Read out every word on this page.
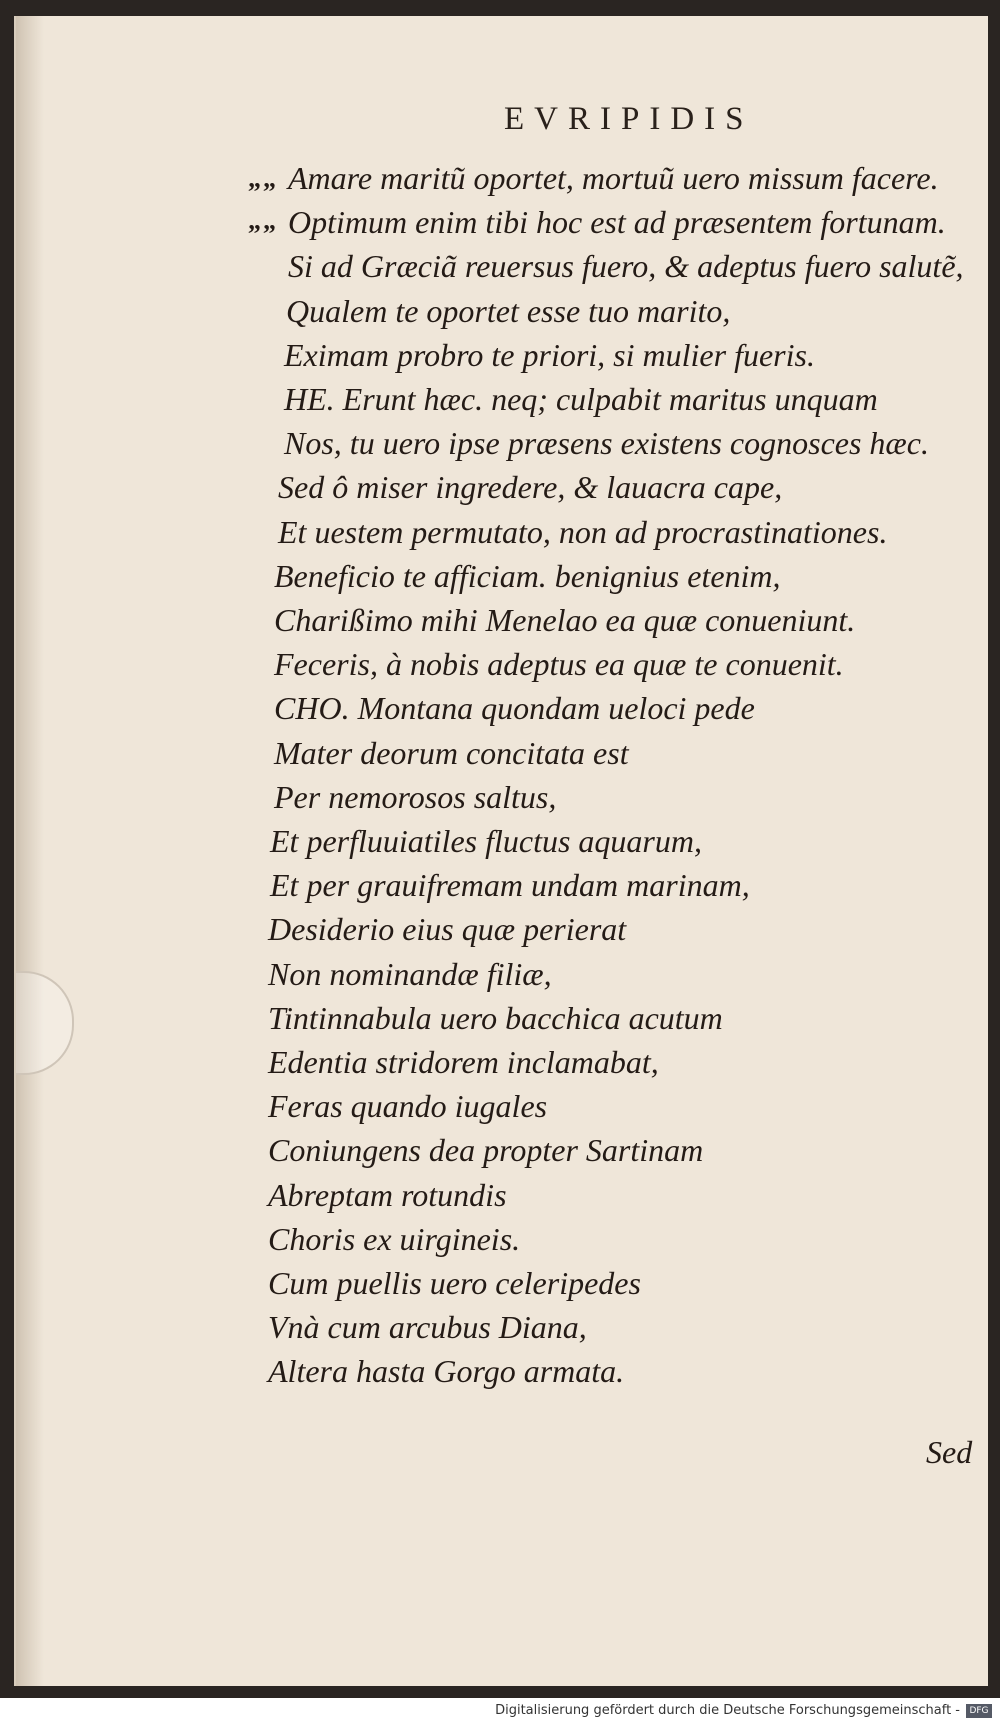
EVRIPIDIS
„„
„„
Amare maritũ oportet, mortuũ uero missum facere.
Optimum enim tibi hoc est ad præsentem fortunam.
Si ad Græciã reuersus fuero, & adeptus fuero salutẽ,
Qualem te oportet esse tuo marito,
Eximam probro te priori, si mulier fueris.
HE. Erunt hæc. neq; culpabit maritus unquam
Nos, tu uero ipse præsens existens cognosces hæc.
Sed ô miser ingredere, & lauacra cape,
Et uestem permutato, non ad procrastinationes.
Beneficio te afficiam. benignius etenim,
Charißimo mihi Menelao ea quæ conueniunt.
Feceris, à nobis adeptus ea quæ te conuenit.
CHO. Montana quondam ueloci pede
Mater deorum concitata est
Per nemorosos saltus,
Et perfluuiatiles fluctus aquarum,
Et per grauifremam undam marinam,
Desiderio eius quæ perierat
Non nominandæ filiæ,
Tintinnabula uero bacchica acutum
Edentia stridorem inclamabat,
Feras quando iugales
Coniungens dea propter Sartinam
Abreptam rotundis
Choris ex uirgineis.
Cum puellis uero celeripedes
Vnà cum arcubus Diana,
Altera hasta Gorgo armata.
Sed
Digitalisierung gefördert durch die Deutsche Forschungsgemeinschaft -	DFG
